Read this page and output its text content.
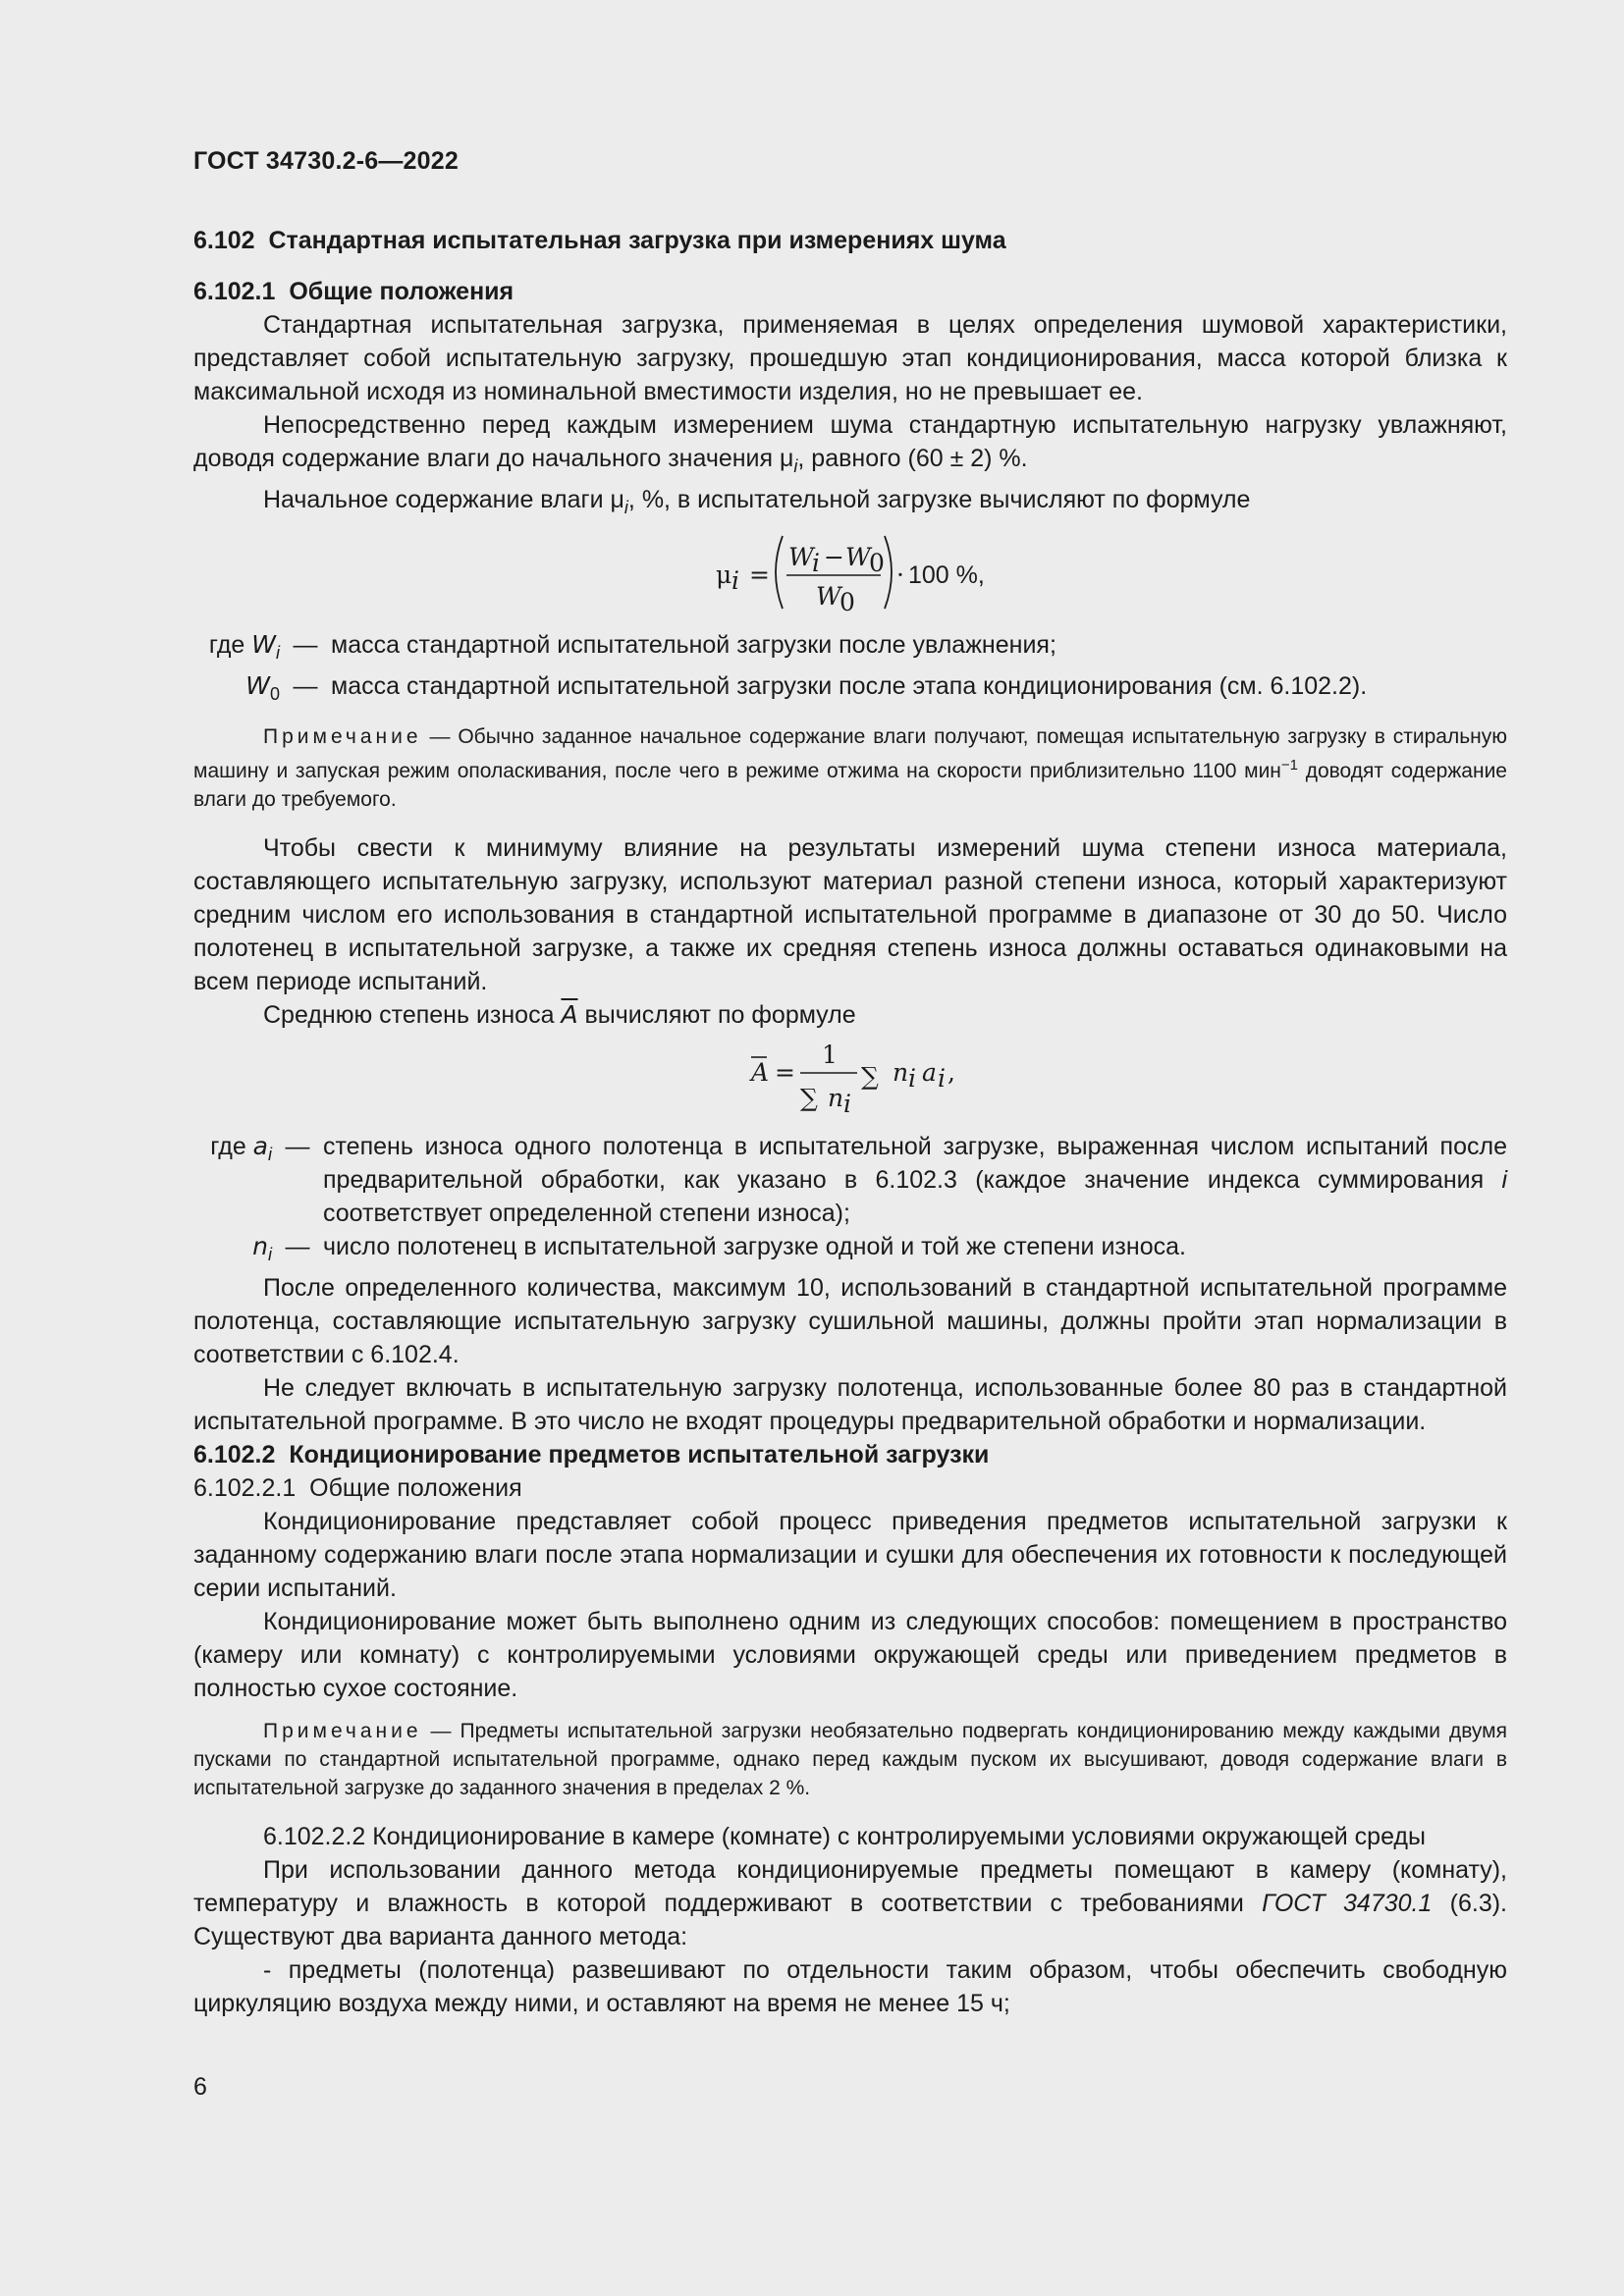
ГОСТ 34730.2-6—2022

6.102 Стандартная испытательная загрузка при измерениях шума

6.102.1 Общие положения

Стандартная испытательная загрузка, применяемая в целях определения шумовой характеристики, представляет собой испытательную загрузку, прошедшую этап кондиционирования, масса которой близка к максимальной исходя из номинальной вместимости изделия, но не превышает ее.

Непосредственно перед каждым измерением шума стандартную испытательную нагрузку увлажняют, доводя содержание влаги до начального значения $\mu_i$, равного (60 ± 2) %.

Начальное содержание влаги $\mu_i$, %, в испытательной загрузке вычисляют по формуле

μ i =
W
i − W
0
W
0
· 100 %,
где $W_i$ — масса стандартной испытательной загрузки после увлажнения;
$W_0$ — масса стандартной испытательной загрузки после этапа кондиционирования (см. 6.102.2).

Примечание — Обычно заданное начальное содержание влаги получают, помещая испытательную загрузку в стиральную машину и запуская режим ополаскивания, после чего в режиме отжима на скорости приблизительно 1100 мин$^{-1}$ доводят содержание влаги до требуемого.

Чтобы свести к минимуму влияние на результаты измерений шума степени износа материала, составляющего испытательную загрузку, используют материал разной степени износа, который характеризуют средним числом его использования в стандартной испытательной программе в диапазоне от 30 до 50. Число полотенец в испытательной загрузке, а также их средняя степень износа должны оставаться одинаковыми на всем периоде испытаний.

Среднюю степень износа $\overline{A}$ вычисляют по формуле

A =
1
∑ n i
∑ n i a i ,
где $a_i$ — степень износа одного полотенца в испытательной загрузке, выраженная числом испытаний после предварительной обработки, как указано в 6.102.3 (каждое значение индекса суммирования i соответствует определенной степени износа);
$n_i$ — число полотенец в испытательной загрузке одной и той же степени износа.

После определенного количества, максимум 10, использований в стандартной испытательной программе полотенца, составляющие испытательную загрузку сушильной машины, должны пройти этап нормализации в соответствии с 6.102.4.

Не следует включать в испытательную загрузку полотенца, использованные более 80 раз в стандартной испытательной программе. В это число не входят процедуры предварительной обработки и нормализации.

6.102.2 Кондиционирование предметов испытательной загрузки

6.102.2.1 Общие положения

Кондиционирование представляет собой процесс приведения предметов испытательной загрузки к заданному содержанию влаги после этапа нормализации и сушки для обеспечения их готовности к последующей серии испытаний.

Кондиционирование может быть выполнено одним из следующих способов: помещением в пространство (камеру или комнату) с контролируемыми условиями окружающей среды или приведением предметов в полностью сухое состояние.

Примечание — Предметы испытательной загрузки необязательно подвергать кондиционированию между каждыми двумя пусками по стандартной испытательной программе, однако перед каждым пуском их высушивают, доводя содержание влаги в испытательной загрузке до заданного значения в пределах 2 %.

6.102.2.2 Кондиционирование в камере (комнате) с контролируемыми условиями окружающей среды

При использовании данного метода кондиционируемые предметы помещают в камеру (комнату), температуру и влажность в которой поддерживают в соответствии с требованиями ГОСТ 34730.1 (6.3). Существуют два варианта данного метода:

- предметы (полотенца) развешивают по отдельности таким образом, чтобы обеспечить свободную циркуляцию воздуха между ними, и оставляют на время не менее 15 ч;

6
